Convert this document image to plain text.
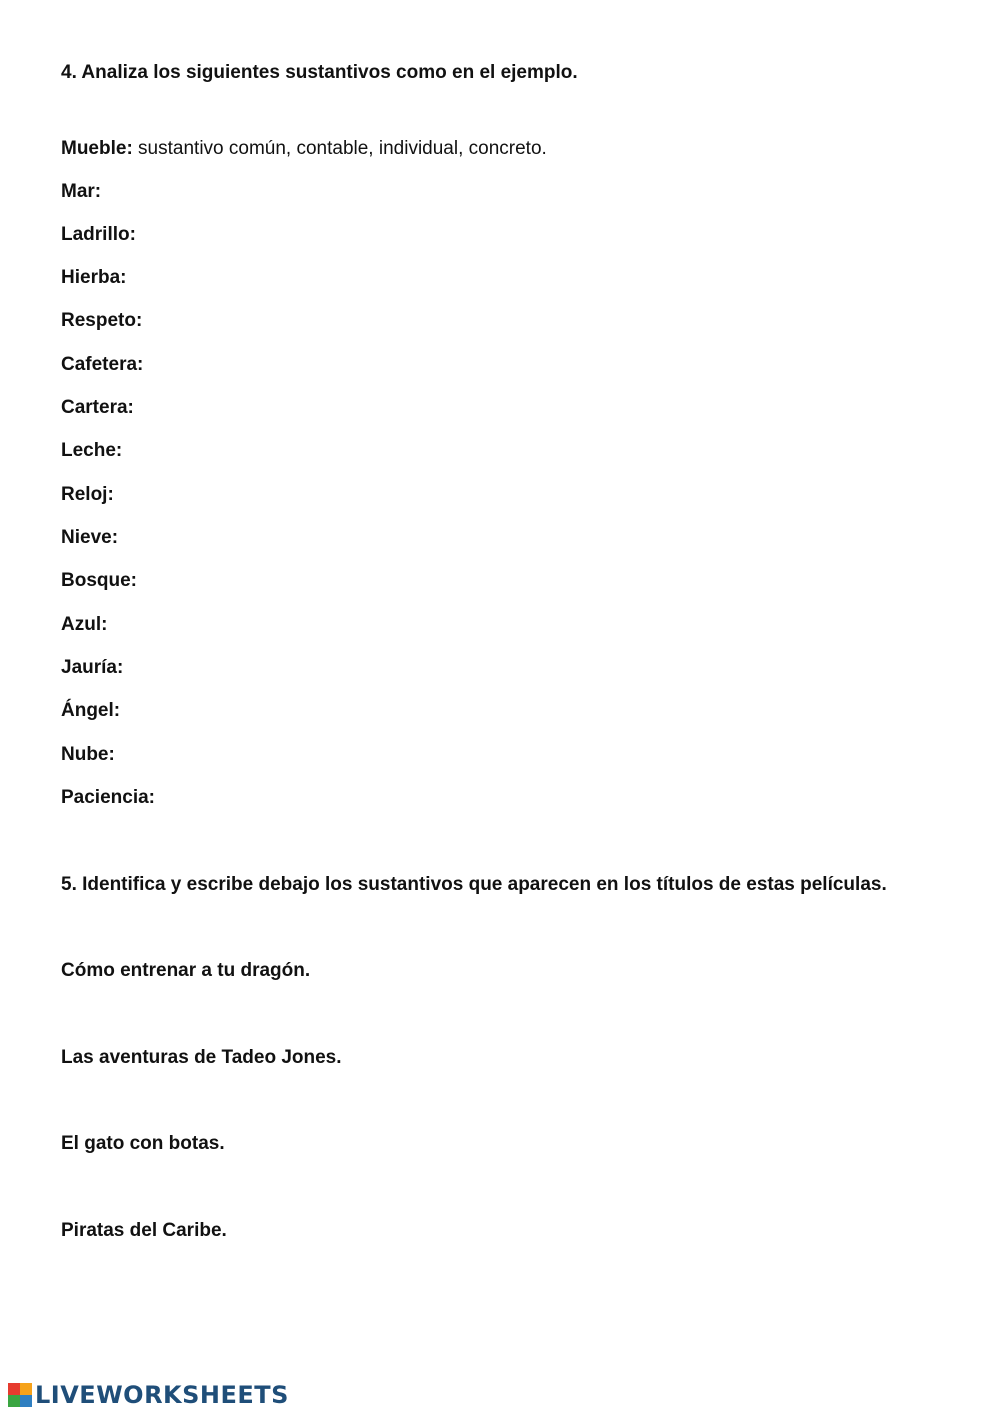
4. Analiza los siguientes sustantivos como en el ejemplo.
Mueble: sustantivo común, contable, individual, concreto.
Mar:
Ladrillo:
Hierba:
Respeto:
Cafetera:
Cartera:
Leche:
Reloj:
Nieve:
Bosque:
Azul:
Jauría:
Ángel:
Nube:
Paciencia:
5. Identifica y escribe debajo los sustantivos que aparecen en los títulos de estas películas.
Cómo entrenar a tu dragón.
Las aventuras de Tadeo Jones.
El gato con botas.
Piratas del Caribe.
LIVEWORKSHEETS
